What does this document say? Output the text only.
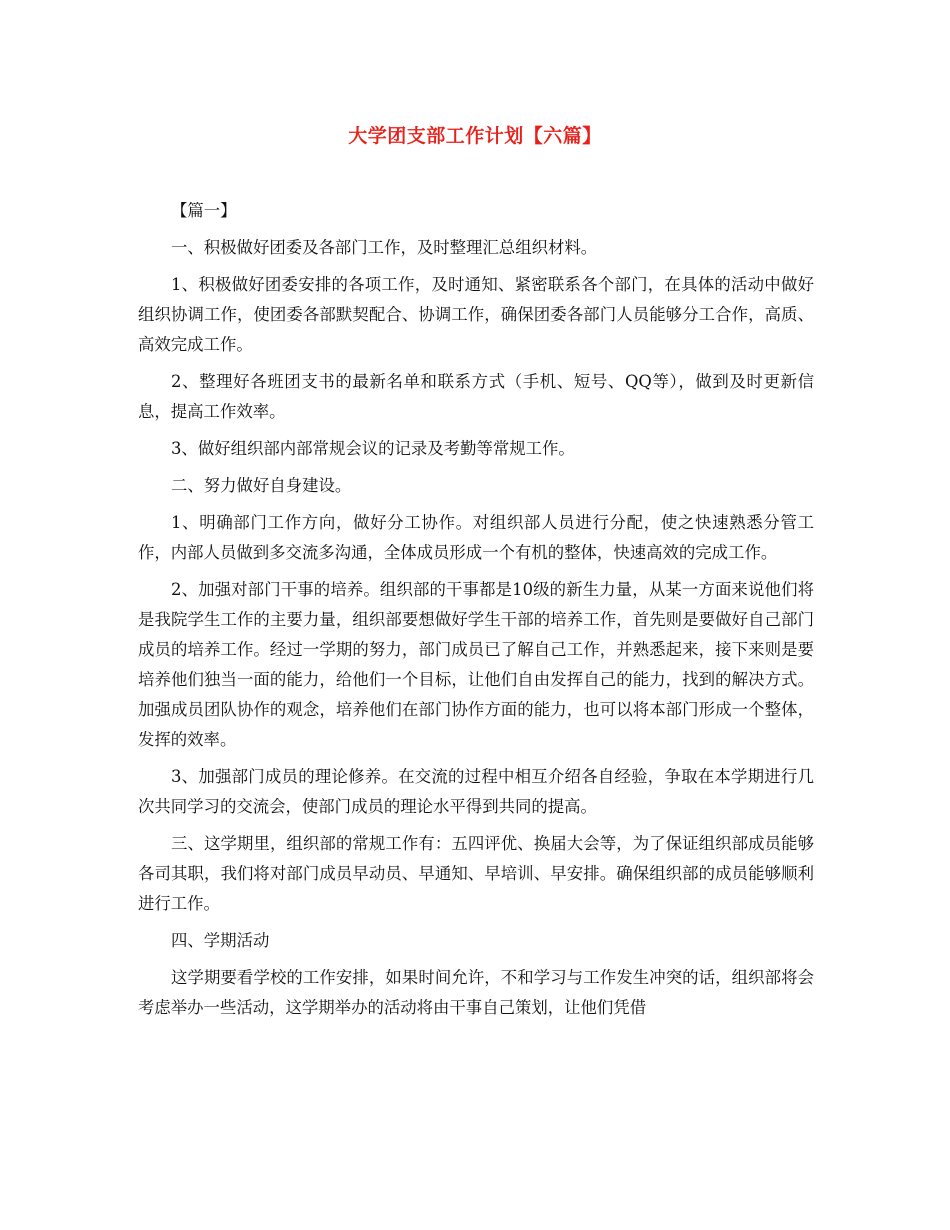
大学团支部工作计划【六篇】

【篇一】

一、积极做好团委及各部门工作，及时整理汇总组织材料。

1、积极做好团委安排的各项工作，及时通知、紧密联系各个部门，在具体的活动中做好组织协调工作，使团委各部默契配合、协调工作，确保团委各部门人员能够分工合作，高质、高效完成工作。

2、整理好各班团支书的最新名单和联系方式（手机、短号、QQ等），做到及时更新信息，提高工作效率。

3、做好组织部内部常规会议的记录及考勤等常规工作。

二、努力做好自身建设。

1、明确部门工作方向，做好分工协作。对组织部人员进行分配，使之快速熟悉分管工作，内部人员做到多交流多沟通，全体成员形成一个有机的整体，快速高效的完成工作。

2、加强对部门干事的培养。组织部的干事都是10级的新生力量，从某一方面来说他们将是我院学生工作的主要力量，组织部要想做好学生干部的培养工作，首先则是要做好自己部门成员的培养工作。经过一学期的努力，部门成员已了解自己工作，并熟悉起来，接下来则是要培养他们独当一面的能力，给他们一个目标，让他们自由发挥自己的能力，找到的解决方式。加强成员团队协作的观念，培养他们在部门协作方面的能力，也可以将本部门形成一个整体，发挥的效率。

3、加强部门成员的理论修养。在交流的过程中相互介绍各自经验，争取在本学期进行几次共同学习的交流会，使部门成员的理论水平得到共同的提高。

三、这学期里，组织部的常规工作有：五四评优、换届大会等，为了保证组织部成员能够各司其职，我们将对部门成员早动员、早通知、早培训、早安排。确保组织部的成员能够顺利进行工作。

四、学期活动

这学期要看学校的工作安排，如果时间允许，不和学习与工作发生冲突的话，组织部将会考虑举办一些活动，这学期举办的活动将由干事自己策划，让他们凭借
